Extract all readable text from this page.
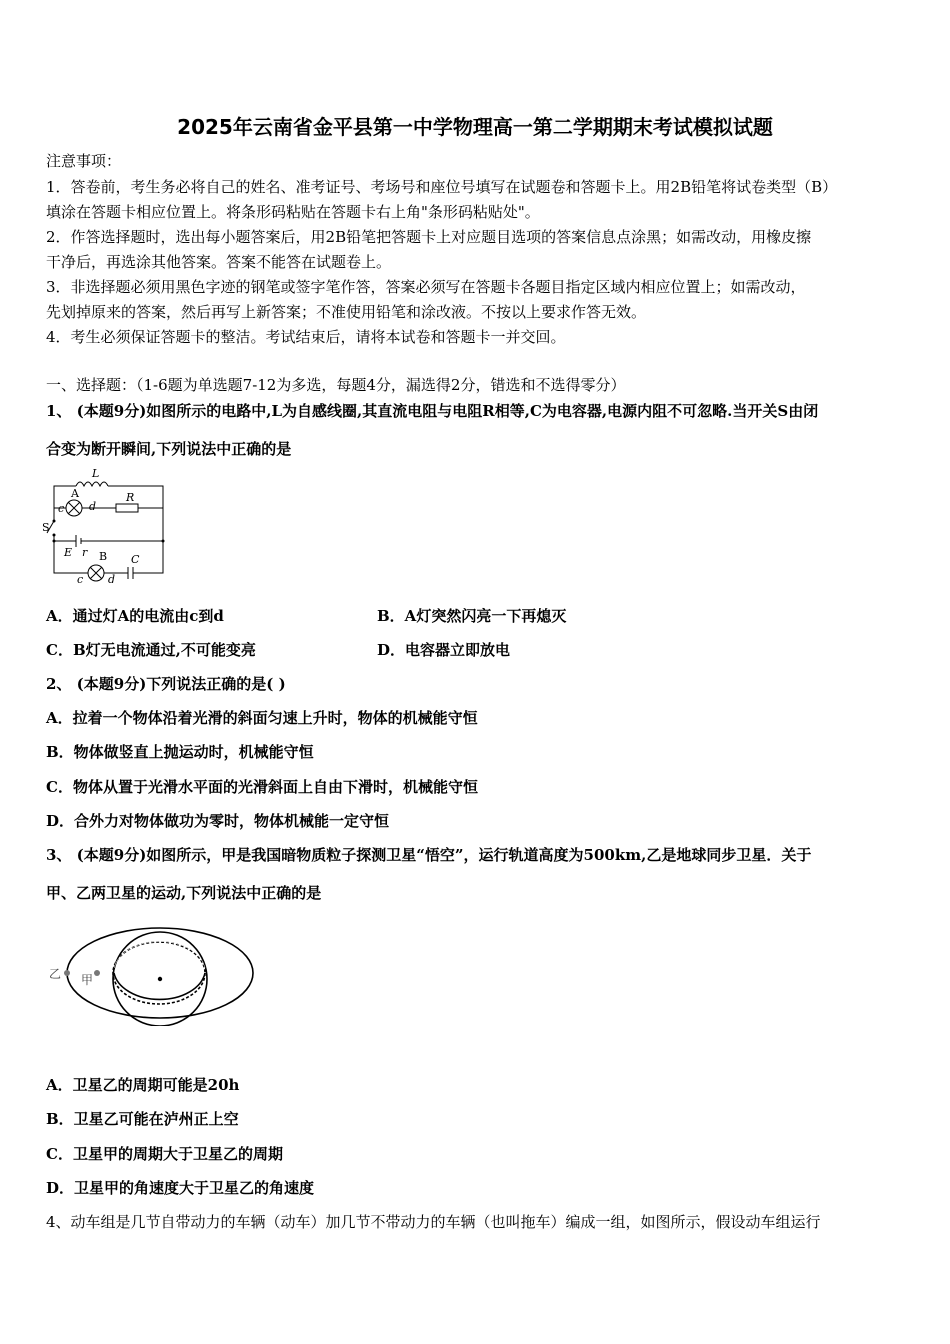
2025年云南省金平县第一中学物理高一第二学期期末考试模拟试题
注意事项：
1．答卷前，考生务必将自己的姓名、准考证号、考场号和座位号填写在试题卷和答题卡上。用2B铅笔将试卷类型（B）
填涂在答题卡相应位置上。将条形码粘贴在答题卡右上角"条形码粘贴处"。
2．作答选择题时，选出每小题答案后，用2B铅笔把答题卡上对应题目选项的答案信息点涂黑；如需改动，用橡皮擦
干净后，再选涂其他答案。答案不能答在试题卷上。
3．非选择题必须用黑色字迹的钢笔或签字笔作答，答案必须写在答题卡各题目指定区域内相应位置上；如需改动，
先划掉原来的答案，然后再写上新答案；不准使用铅笔和涂改液。不按以上要求作答无效。
4．考生必须保证答题卡的整洁。考试结束后，请将本试卷和答题卡一并交回。
一、选择题：（1-6题为单选题7-12为多选，每题4分，漏选得2分，错选和不选得零分）
1、 (本题9分)如图所示的电路中,L为自感线圈,其直流电阻与电阻R相等,C为电容器,电源内阻不可忽略.当开关S由闭
合变为断开瞬间,下列说法中正确的是
L
A
c d
R
S
E r B
c d
C
A．通过灯A的电流由c到d	B．A灯突然闪亮一下再熄灭
C．B灯无电流通过,不可能变亮	D．电容器立即放电
2、 (本题9分)下列说法正确的是( )
A．拉着一个物体沿着光滑的斜面匀速上升时，物体的机械能守恒
B．物体做竖直上抛运动时，机械能守恒
C．物体从置于光滑水平面的光滑斜面上自由下滑时，机械能守恒
D．合外力对物体做功为零时，物体机械能一定守恒
3、 (本题9分)如图所示，甲是我国暗物质粒子探测卫星“悟空”，运行轨道高度为500km,乙是地球同步卫星．关于
甲、乙两卫星的运动,下列说法中正确的是
乙 甲
A．卫星乙的周期可能是20h
B．卫星乙可能在泸州正上空
C．卫星甲的周期大于卫星乙的周期
D．卫星甲的角速度大于卫星乙的角速度
4、动车组是几节自带动力的车辆（动车）加几节不带动力的车辆（也叫拖车）编成一组，如图所示，假设动车组运行
